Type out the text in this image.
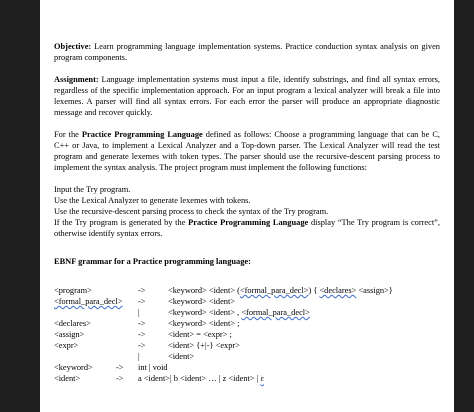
Objective: Learn programming language implementation systems. Practice conduction syntax analysis on given program components.

Assignment: Language implementation systems must input a file, identify substrings, and find all syntax errors, regardless of the specific implementation approach. For an input program a lexical analyzer will break a file into lexemes. A parser will find all syntax errors. For each error the parser will produce an appropriate diagnostic message and recover quickly.

For the Practice Programming Language defined as follows: Choose a programming language that can be C, C++ or Java, to implement a Lexical Analyzer and a Top-down parser. The Lexical Analyzer will read the test program and generate lexemes with token types. The parser should use the recursive-descent parsing process to implement the syntax analysis. The project program must implement the following functions:

Input the Try program.

Use the Lexical Analyzer to generate lexemes with tokens.

Use the recursive-descent parsing process to check the syntax of the Try program.

If the Try program is generated by the Practice Programming Language display “The Try program is correct”, otherwise identify syntax errors.

EBNF grammar for a Practice programming language:
<program>	->	<keyword> <ident> (<formal_para_decl>) { <declares> <assign>}
<formal_para_decl> ->	<keyword> <ident>
|	<keyword> <ident> , <formal_para_decl>
<declares>	->	<keyword> <ident> ;
<assign>	->	<ident> = <expr> ;
<expr>	->	<ident> {+|-} <expr>
|	<ident>
<keyword>	-> int | void
<ident>	-> a <ident>| b <ident> … | z <ident> | ε
